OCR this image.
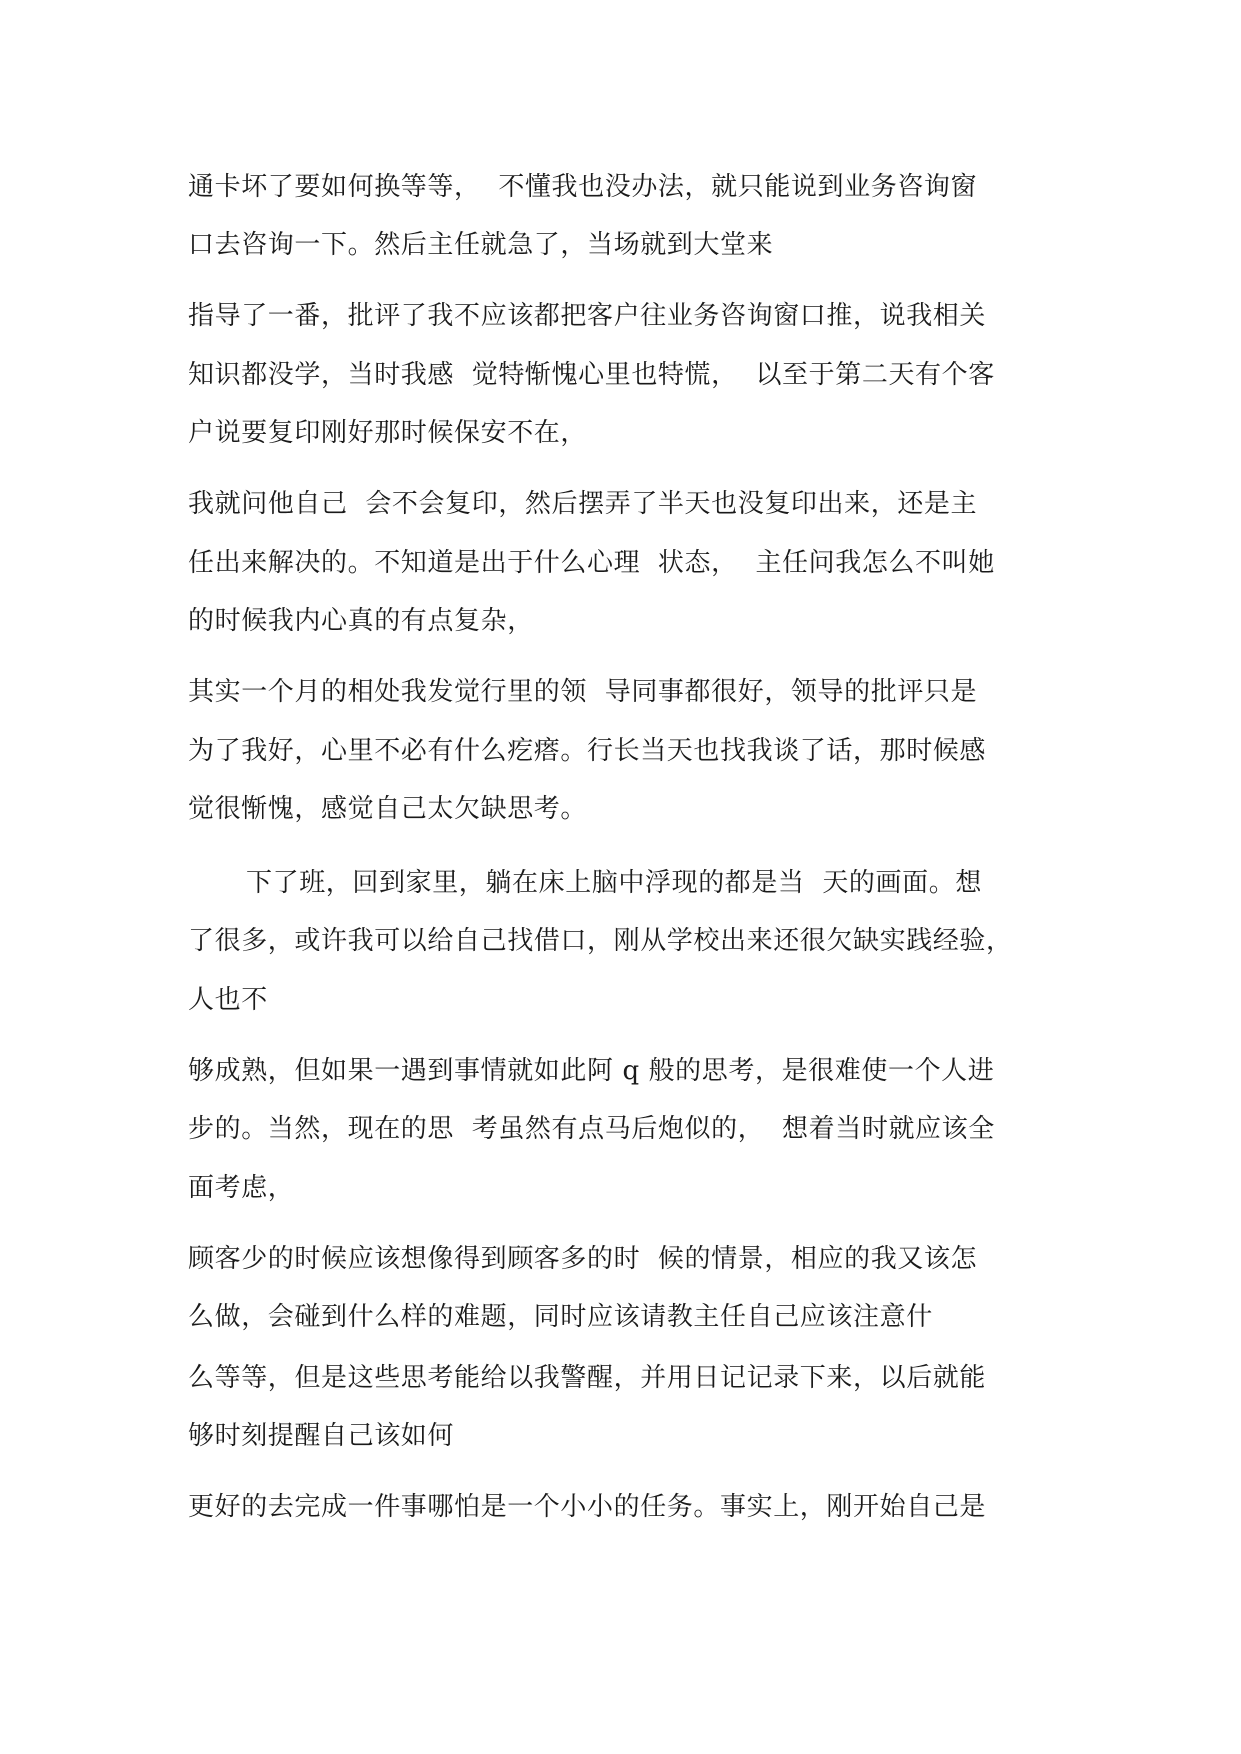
通卡坏了要如何换等等，  不懂我也没办法，就只能说到业务咨询窗
口去咨询一下。然后主任就急了，当场就到大堂来
指导了一番，批评了我不应该都把客户往业务咨询窗口推，说我相关
知识都没学，当时我感  觉特惭愧心里也特慌，  以至于第二天有个客
户说要复印刚好那时候保安不在，
我就问他自己  会不会复印，然后摆弄了半天也没复印出来，还是主
任出来解决的。不知道是出于什么心理  状态，  主任问我怎么不叫她
的时候我内心真的有点复杂，
其实一个月的相处我发觉行里的领  导同事都很好，领导的批评只是
为了我好，心里不必有什么疙瘩。行长当天也找我谈了话，那时候感
觉很惭愧，感觉自己太欠缺思考。
下了班，回到家里，躺在床上脑中浮现的都是当  天的画面。想
了很多，或许我可以给自己找借口，刚从学校出来还很欠缺实践经验，
人也不
够成熟，但如果一遇到事情就如此阿 q 般的思考，是很难使一个人进
步的。当然，现在的思  考虽然有点马后炮似的，  想着当时就应该全
面考虑，
顾客少的时候应该想像得到顾客多的时  候的情景，相应的我又该怎
么做，会碰到什么样的难题，同时应该请教主任自己应该注意什
么等等，但是这些思考能给以我警醒，并用日记记录下来，以后就能
够时刻提醒自己该如何
更好的去完成一件事哪怕是一个小小的任务。事实上，刚开始自己是
